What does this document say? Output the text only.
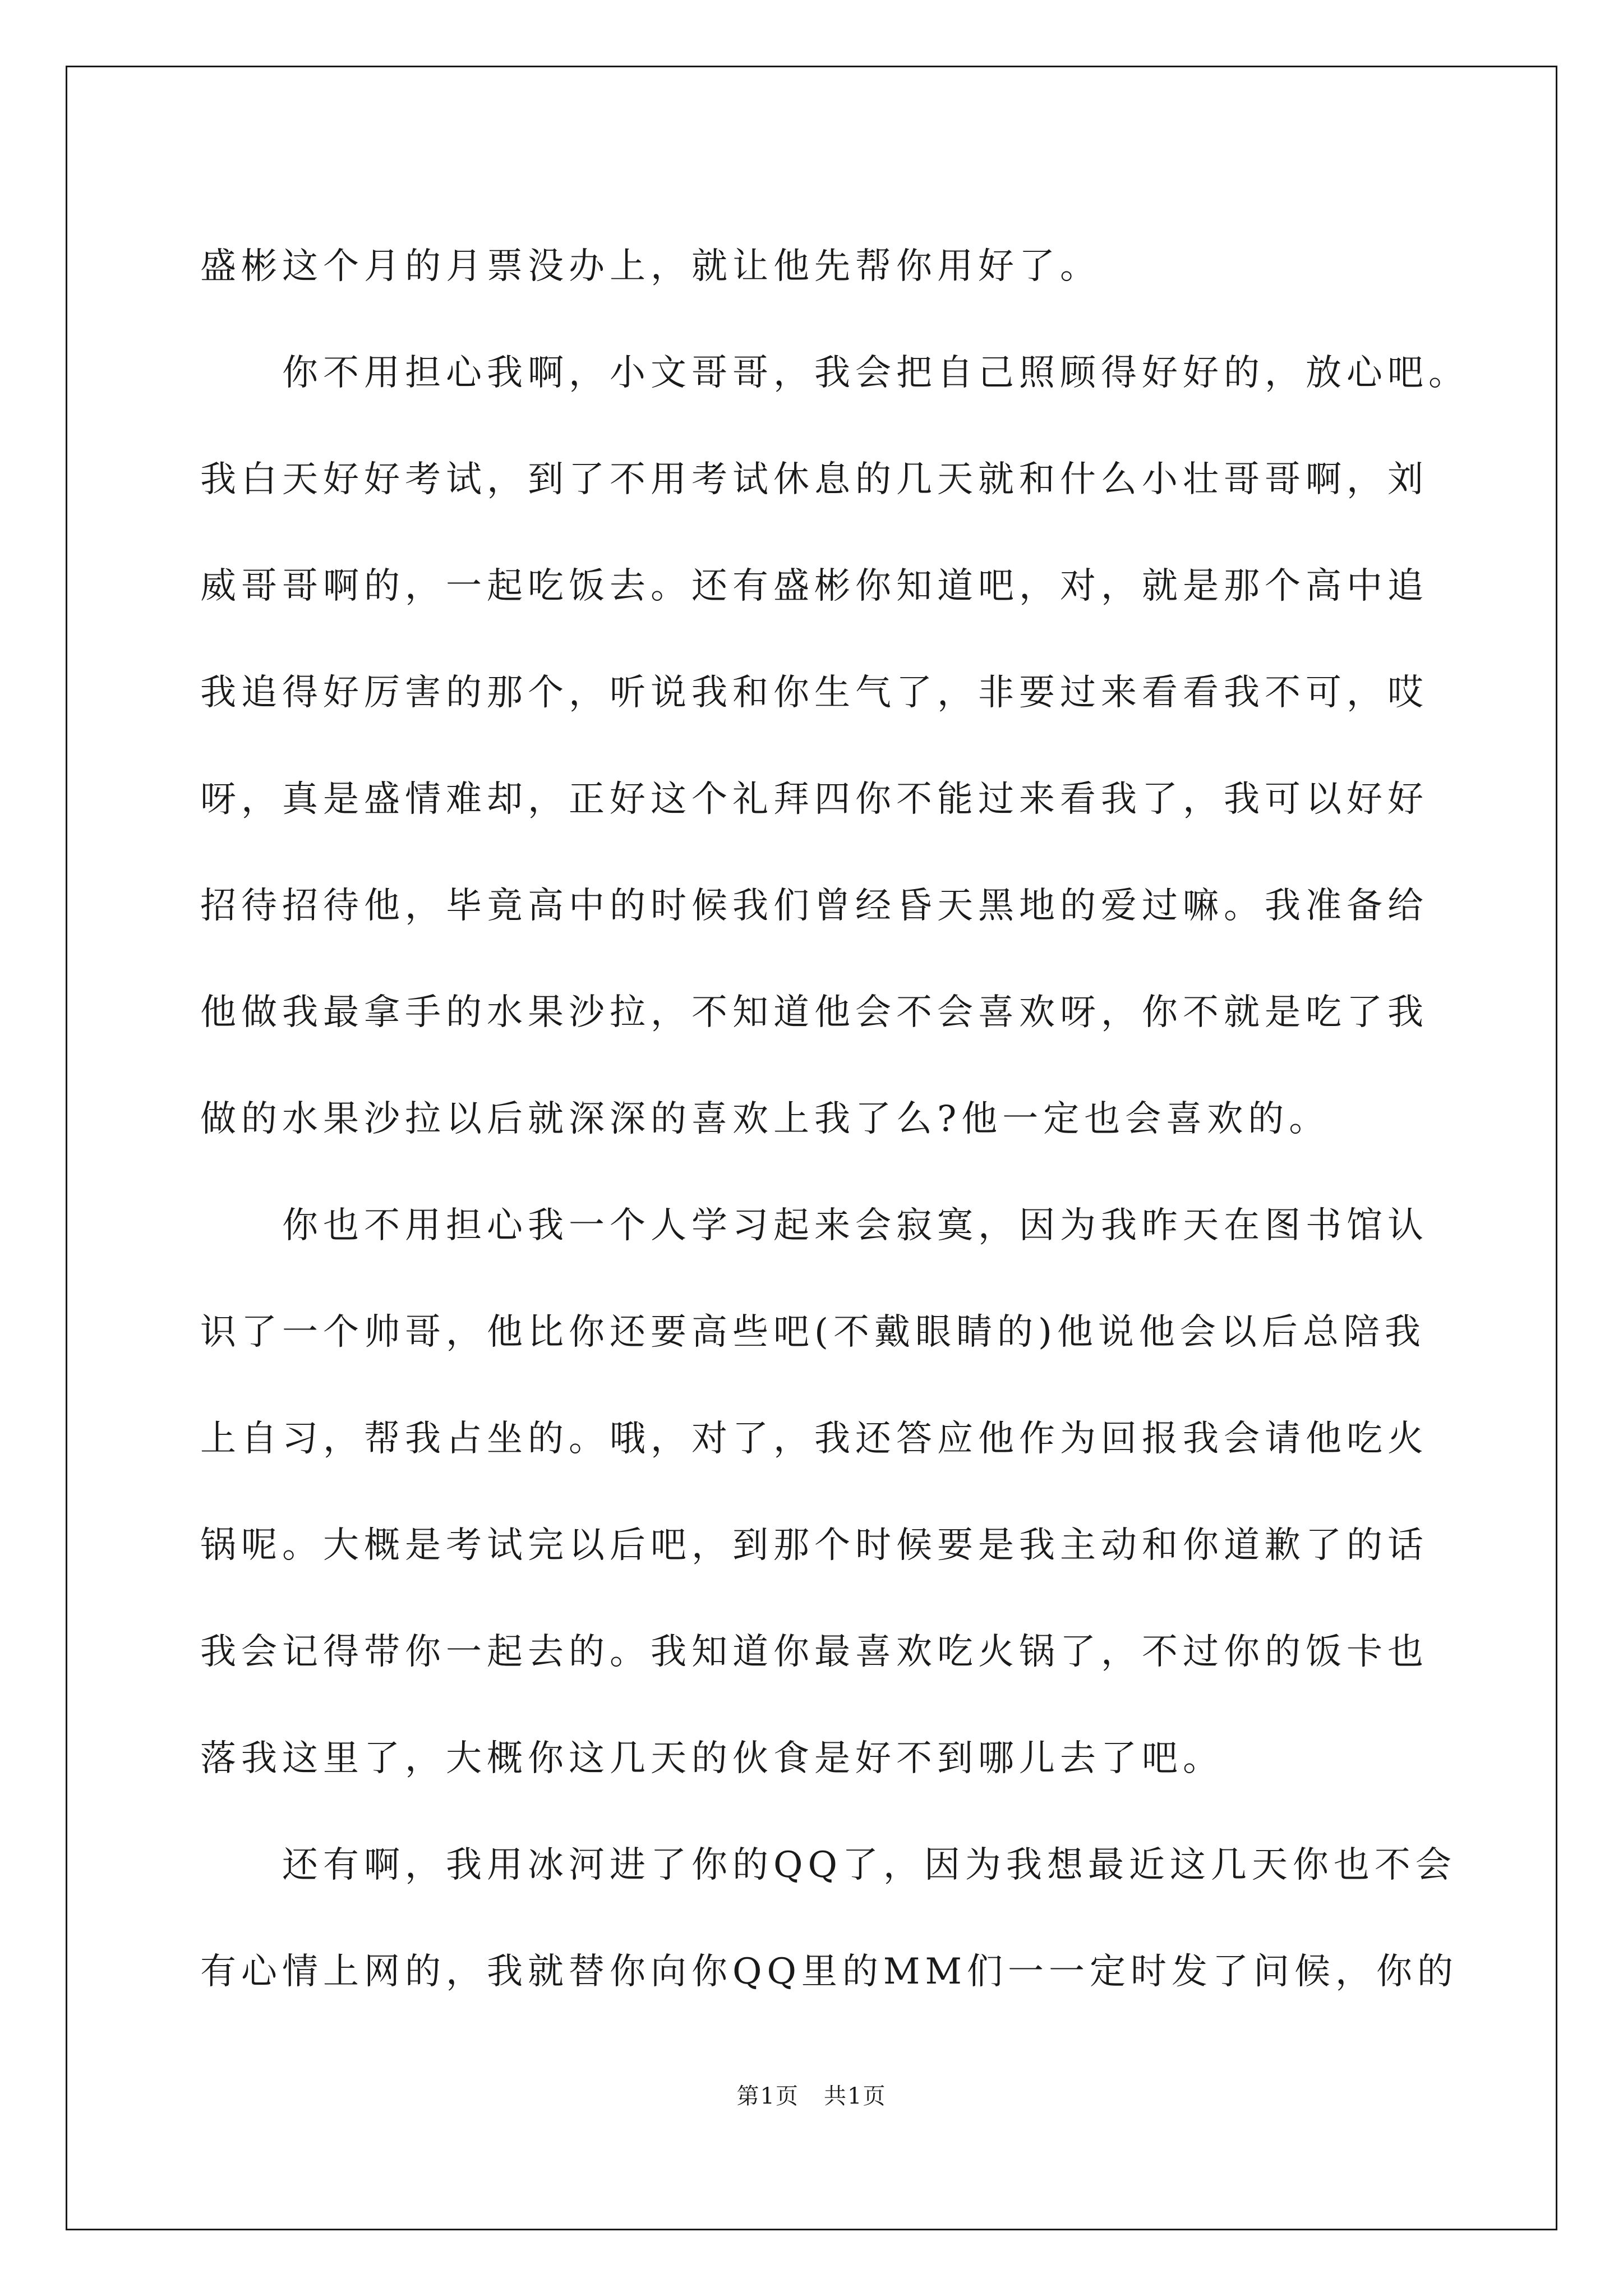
盛彬这个月的月票没办上，就让他先帮你用好了。
你不用担心我啊，小文哥哥，我会把自己照顾得好好的，放心吧。
我白天好好考试，到了不用考试休息的几天就和什么小壮哥哥啊，刘
威哥哥啊的，一起吃饭去。还有盛彬你知道吧，对，就是那个高中追
我追得好厉害的那个，听说我和你生气了，非要过来看看我不可，哎
呀，真是盛情难却，正好这个礼拜四你不能过来看我了，我可以好好
招待招待他，毕竟高中的时候我们曾经昏天黑地的爱过嘛。我准备给
他做我最拿手的水果沙拉，不知道他会不会喜欢呀，你不就是吃了我
做的水果沙拉以后就深深的喜欢上我了么?他一定也会喜欢的。
你也不用担心我一个人学习起来会寂寞，因为我昨天在图书馆认
识了一个帅哥，他比你还要高些吧(不戴眼睛的)他说他会以后总陪我
上自习，帮我占坐的。哦，对了，我还答应他作为回报我会请他吃火
锅呢。大概是考试完以后吧，到那个时候要是我主动和你道歉了的话
我会记得带你一起去的。我知道你最喜欢吃火锅了，不过你的饭卡也
落我这里了，大概你这几天的伙食是好不到哪儿去了吧。
还有啊，我用冰河进了你的QQ了，因为我想最近这几天你也不会
有心情上网的，我就替你向你QQ里的MM们一一定时发了问候，你的
第1页 共1页
